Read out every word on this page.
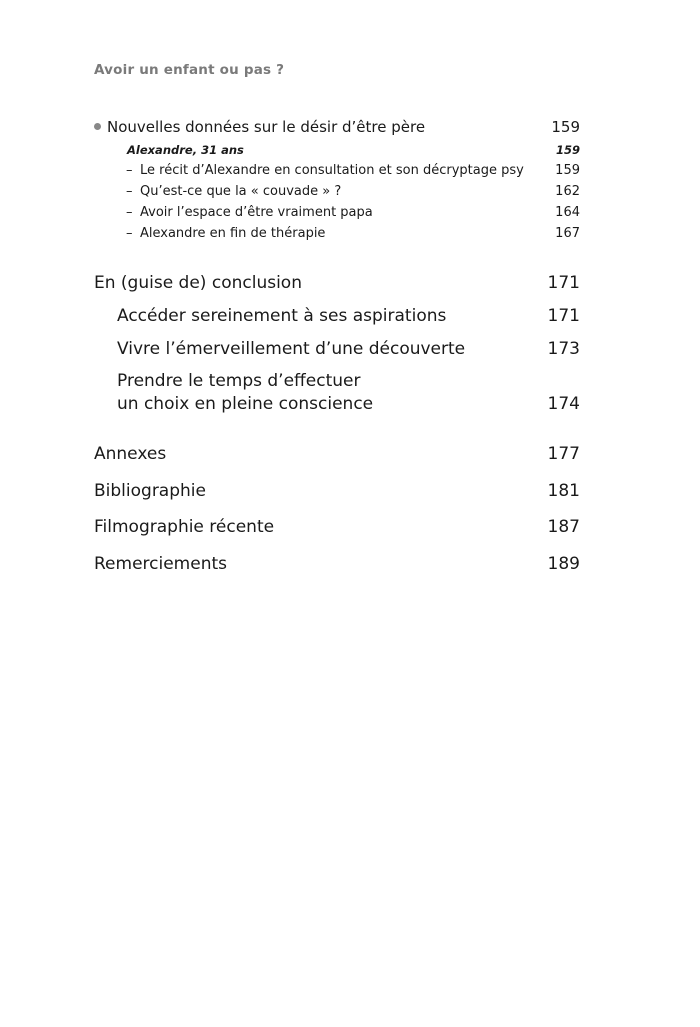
Avoir un enfant ou pas ?
Nouvelles données sur le désir d’être père	159
Alexandre, 31 ans	159
– Le récit d’Alexandre en consultation et son décryptage psy 159
– Qu’est-ce que la « couvade » ?	162
– Avoir l’espace d’être vraiment papa	164
– Alexandre en fin de thérapie	167
En (guise de) conclusion	171
Accéder sereinement à ses aspirations	171
Vivre l’émerveillement d’une découverte	173
Prendre le temps d’effectuer
un choix en pleine conscience	174
Annexes	177
Bibliographie	181
Filmographie récente	187
Remerciements	189
